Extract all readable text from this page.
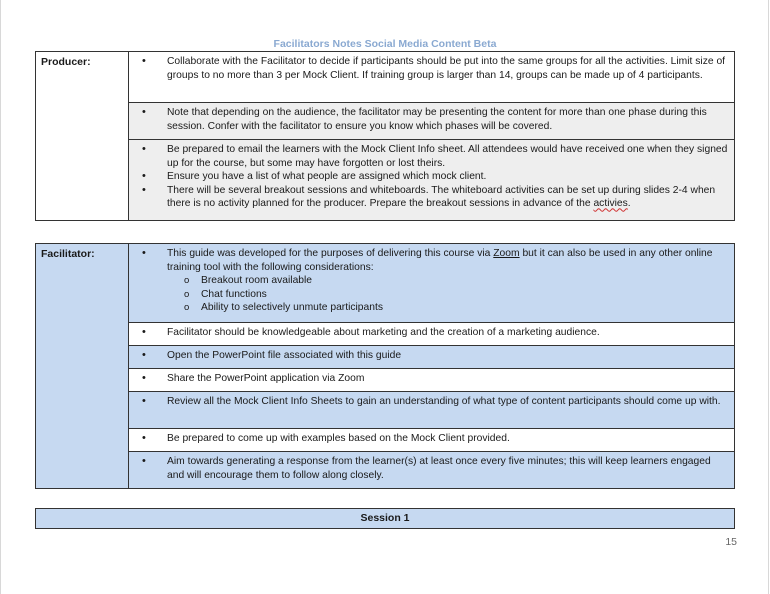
Facilitators Notes Social Media Content Beta
Producer:	
•Collaborate with the Facilitator to decide if participants should be put into the same groups for all the activities. Limit size of groups to no more than 3 per Mock Client. If training group is larger than 14, groups can be made up of 4 participants.

• Note that depending on the audience, the facilitator may be presenting the content for more than one phase during this session. Confer with the facilitator to ensure you know which phases will be covered.

• Be prepared to email the learners with the Mock Client Info sheet. All attendees would have received one when they signed up for the course, but some may have forgotten or lost theirs.
• Ensure you have a list of what people are assigned which mock client.
• There will be several breakout sessions and whiteboards. The whiteboard activities can be set up during slides 2-4 when there is no activity planned for the producer. Prepare the breakout sessions in advance of the activies.
Facilitator:	
•This guide was developed for the purposes of delivering this course via Zoom but it can also be used in any other online training tool with the following considerations:
o Breakout room available
o Chat functions
o Ability to selectively unmute participants

• Facilitator should be knowledgeable about marketing and the creation of a marketing audience.

• Open the PowerPoint file associated with this guide

• Share the PowerPoint application via Zoom

• Review all the Mock Client Info Sheets to gain an understanding of what type of content participants should come up with.

• Be prepared to come up with examples based on the Mock Client provided.

• Aim towards generating a response from the learner(s) at least once every five minutes; this will keep learners engaged and will encourage them to follow along closely.
Session 1
15
